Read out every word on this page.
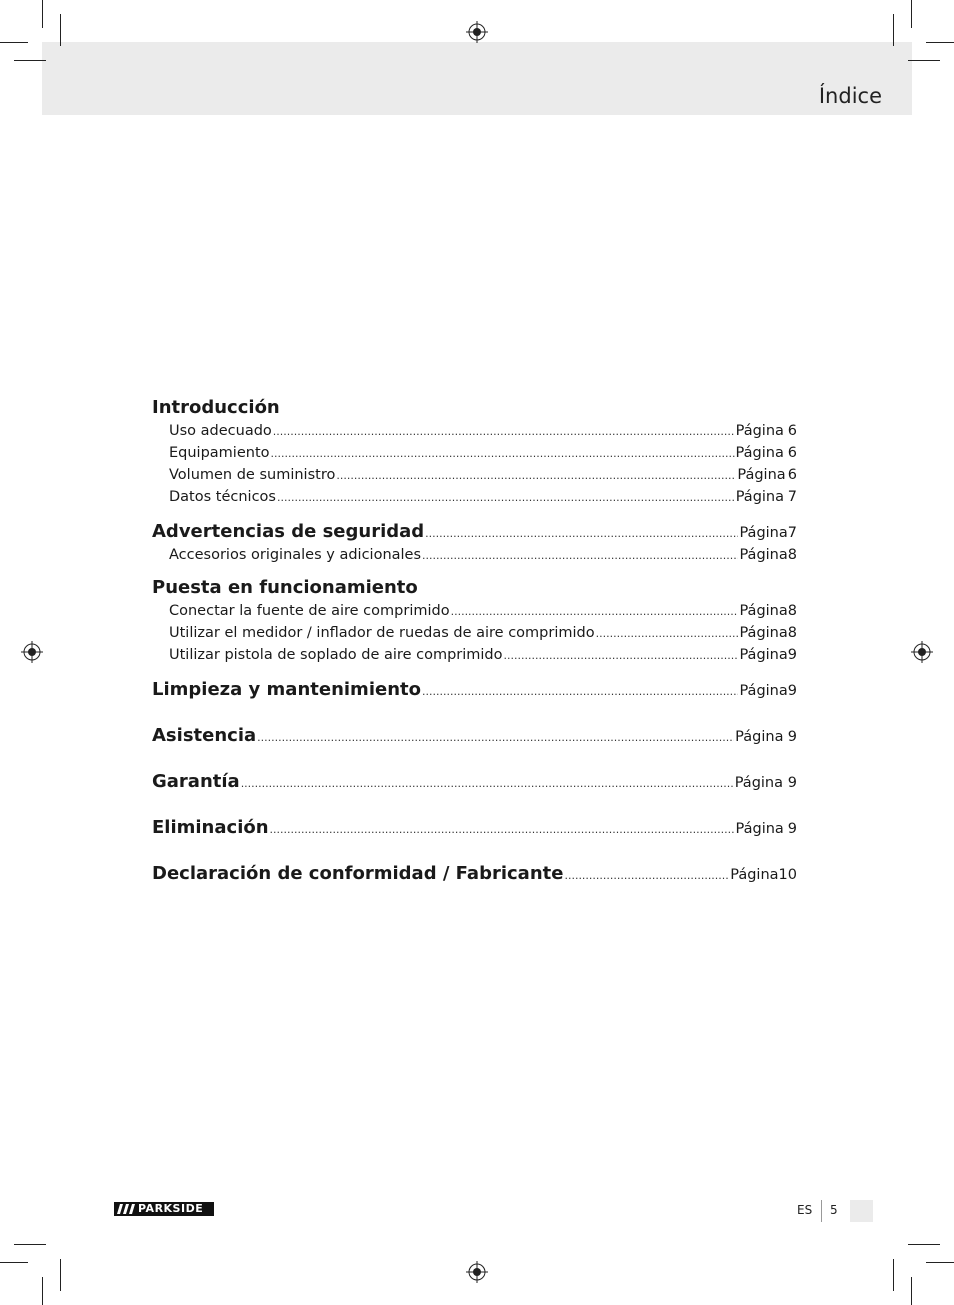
Índice
Introducción
Uso adecuado .....	Página 6
Equipamiento .....	Página 6
Volumen de suministro .....	Página 6
Datos técnicos .....	Página 7
Advertencias de seguridad .....	Página 7
Accesorios originales y adicionales .....	Página 8
Puesta en funcionamiento
Conectar la fuente de aire comprimido .....	Página 8
Utilizar el medidor / inflador de ruedas de aire comprimido .....	Página 8
Utilizar pistola de soplado de aire comprimido .....	Página 9
Limpieza y mantenimiento .....	Página 9
Asistencia .....	Página 9
Garantía .....	Página 9
Eliminación .....	Página 9
Declaración de conformidad / Fabricante .....	Página 10
PARKSIDE	ES 5
